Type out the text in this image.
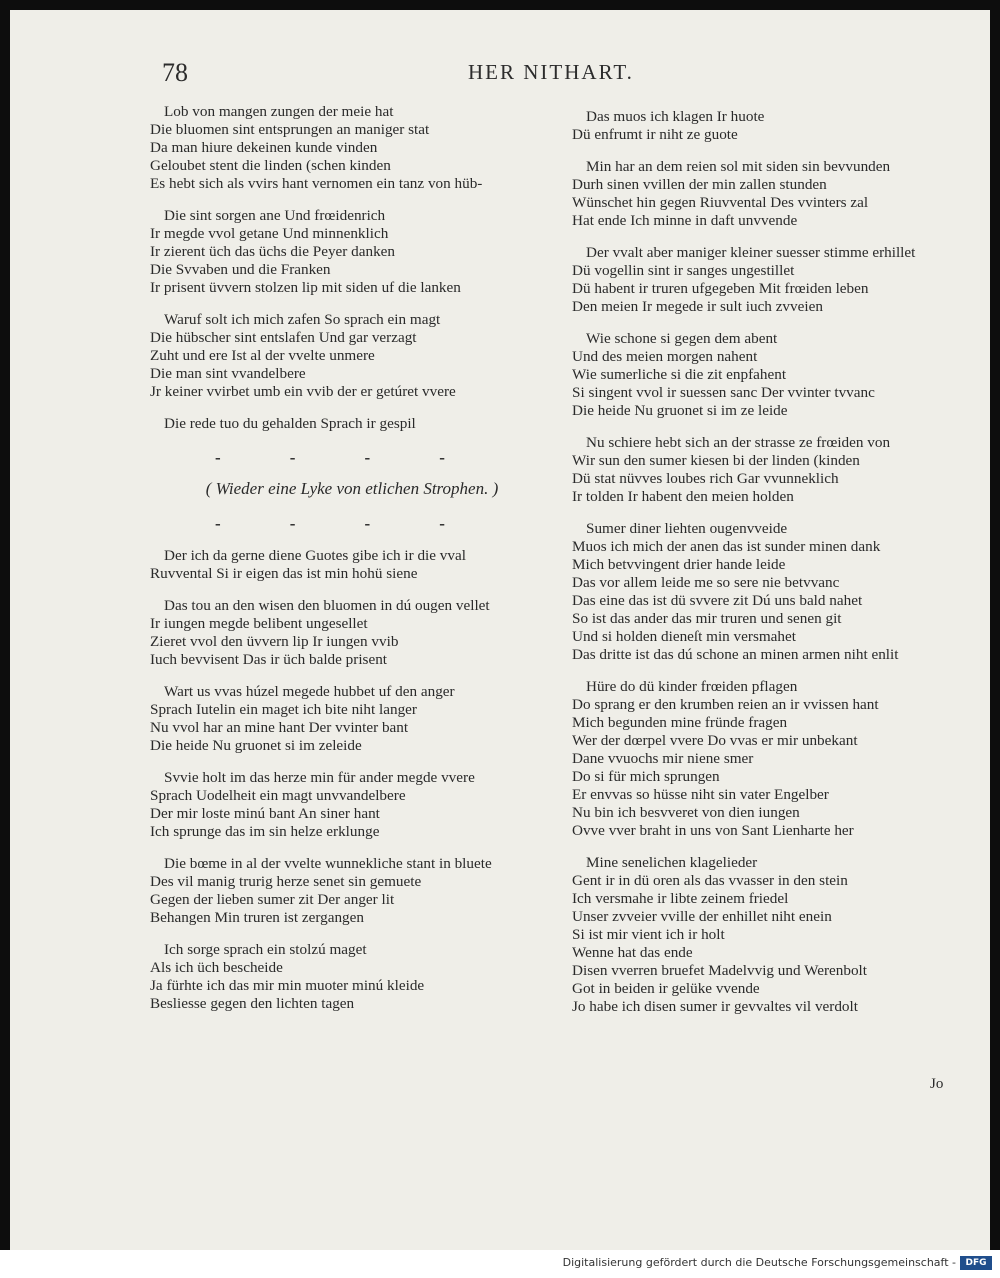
78	HER NITHART.
Lob von mangen zungen der meie hat
Die bluomen sint entsprungen an maniger stat
Da man hiure dekeinen kunde vinden
Geloubet stent die linden (schen kinden
Es hebt sich als vvirs hant vernomen ein tanz von hüb-
Die sint sorgen ane Und frœidenrich
Ir megde vvol getane Und minnenklich
Ir zierent üch das üchs die Peyer danken
Die Svvaben und die Franken
Ir prisent üvvern stolzen lip mit siden uf die lanken
Waruf solt ich mich zafen So sprach ein magt
Die hübscher sint entslafen Und gar verzagt
Zuht und ere Ist al der vvelte unmere
Die man sint vvandelbere
Jr keiner vvirbet umb ein vvib der er getúret vvere
Die rede tuo du gehalden Sprach ir gespil
-	-	-	-
( Wieder eine Lyke von etlichen Strophen. )
-	-	-	-
Der ich da gerne diene Guotes gibe ich ir die vval
Ruvvental Si ir eigen das ist min hohü siene
Das tou an den wisen den bluomen in dú ougen vellet
Ir iungen megde belibent ungesellet
Zieret vvol den üvvern lip Ir iungen vvib
Iuch bevvisent Das ir üch balde prisent
Wart us vvas húzel megede hubbet uf den anger
Sprach Iutelin ein maget ich bite niht langer
Nu vvol har an mine hant Der vvinter bant
Die heide Nu gruonet si im zeleide
Svvie holt im das herze min für ander megde vvere
Sprach Uodelheit ein magt unvvandelbere
Der mir loste minú bant An siner hant
Ich sprunge das im sin helze erklunge
Die bœme in al der vvelte wunnekliche stant in bluete
Des vil manig trurig herze senet sin gemuete
Gegen der lieben sumer zit Der anger lit
Behangen Min truren ist zergangen
Ich sorge sprach ein stolzú maget
Als ich üch bescheide
Ja fürhte ich das mir min muoter minú kleide
Besliesse gegen den lichten tagen
Das muos ich klagen Ir huote
Dü enfrumt ir niht ze guote
Min har an dem reien sol mit siden sin bevvunden
Durh sinen vvillen der min zallen stunden
Wünschet hin gegen Riuvvental Des vvinters zal
Hat ende Ich minne in daft unvvende
Der vvalt aber maniger kleiner suesser stimme erhillet
Dü vogellin sint ir sanges ungestillet
Dü habent ir truren ufgegeben Mit frœiden leben
Den meien Ir megede ir sult iuch zvveien
Wie schone si gegen dem abent
Und des meien morgen nahent
Wie sumerliche si die zit enpfahent
Si singent vvol ir suessen sanc Der vvinter tvvanc
Die heide Nu gruonet si im ze leide
Nu schiere hebt sich an der strasse ze frœiden von
Wir sun den sumer kiesen bi der linden (kinden
Dü stat nüvves loubes rich Gar vvunneklich
Ir tolden Ir habent den meien holden
Sumer diner liehten ougenvveide
Muos ich mich der anen das ist sunder minen dank
Mich betvvingent drier hande leide
Das vor allem leide me so sere nie betvvanc
Das eine das ist dü svvere zit Dú uns bald nahet
So ist das ander das mir truren und senen git
Und si holden dieneſt min versmahet
Das dritte ist das dú schone an minen armen niht enlit
Hüre do dü kinder frœiden pflagen
Do sprang er den krumben reien an ir vvissen hant
Mich begunden mine fründe fragen
Wer der dœrpel vvere Do vvas er mir unbekant
Dane vvuochs mir niene smer
Do si für mich sprungen
Er envvas so hüsse niht sin vater Engelber
Nu bin ich besvveret von dien iungen
Ovve vver braht in uns von Sant Lienharte her
Mine senelichen klagelieder
Gent ir in dü oren als das vvasser in den stein
Ich versmahe ir libte zeinem friedel
Unser zvveier vville der enhillet niht enein
Si ist mir vient ich ir holt
Wenne hat das ende
Disen vverren bruefet Madelvvig und Werenbolt
Got in beiden ir gelüke vvende
Jo habe ich disen sumer ir gevvaltes vil verdolt
Jo
Digitalisierung gefördert durch die Deutsche Forschungsgemeinschaft -	DFG
